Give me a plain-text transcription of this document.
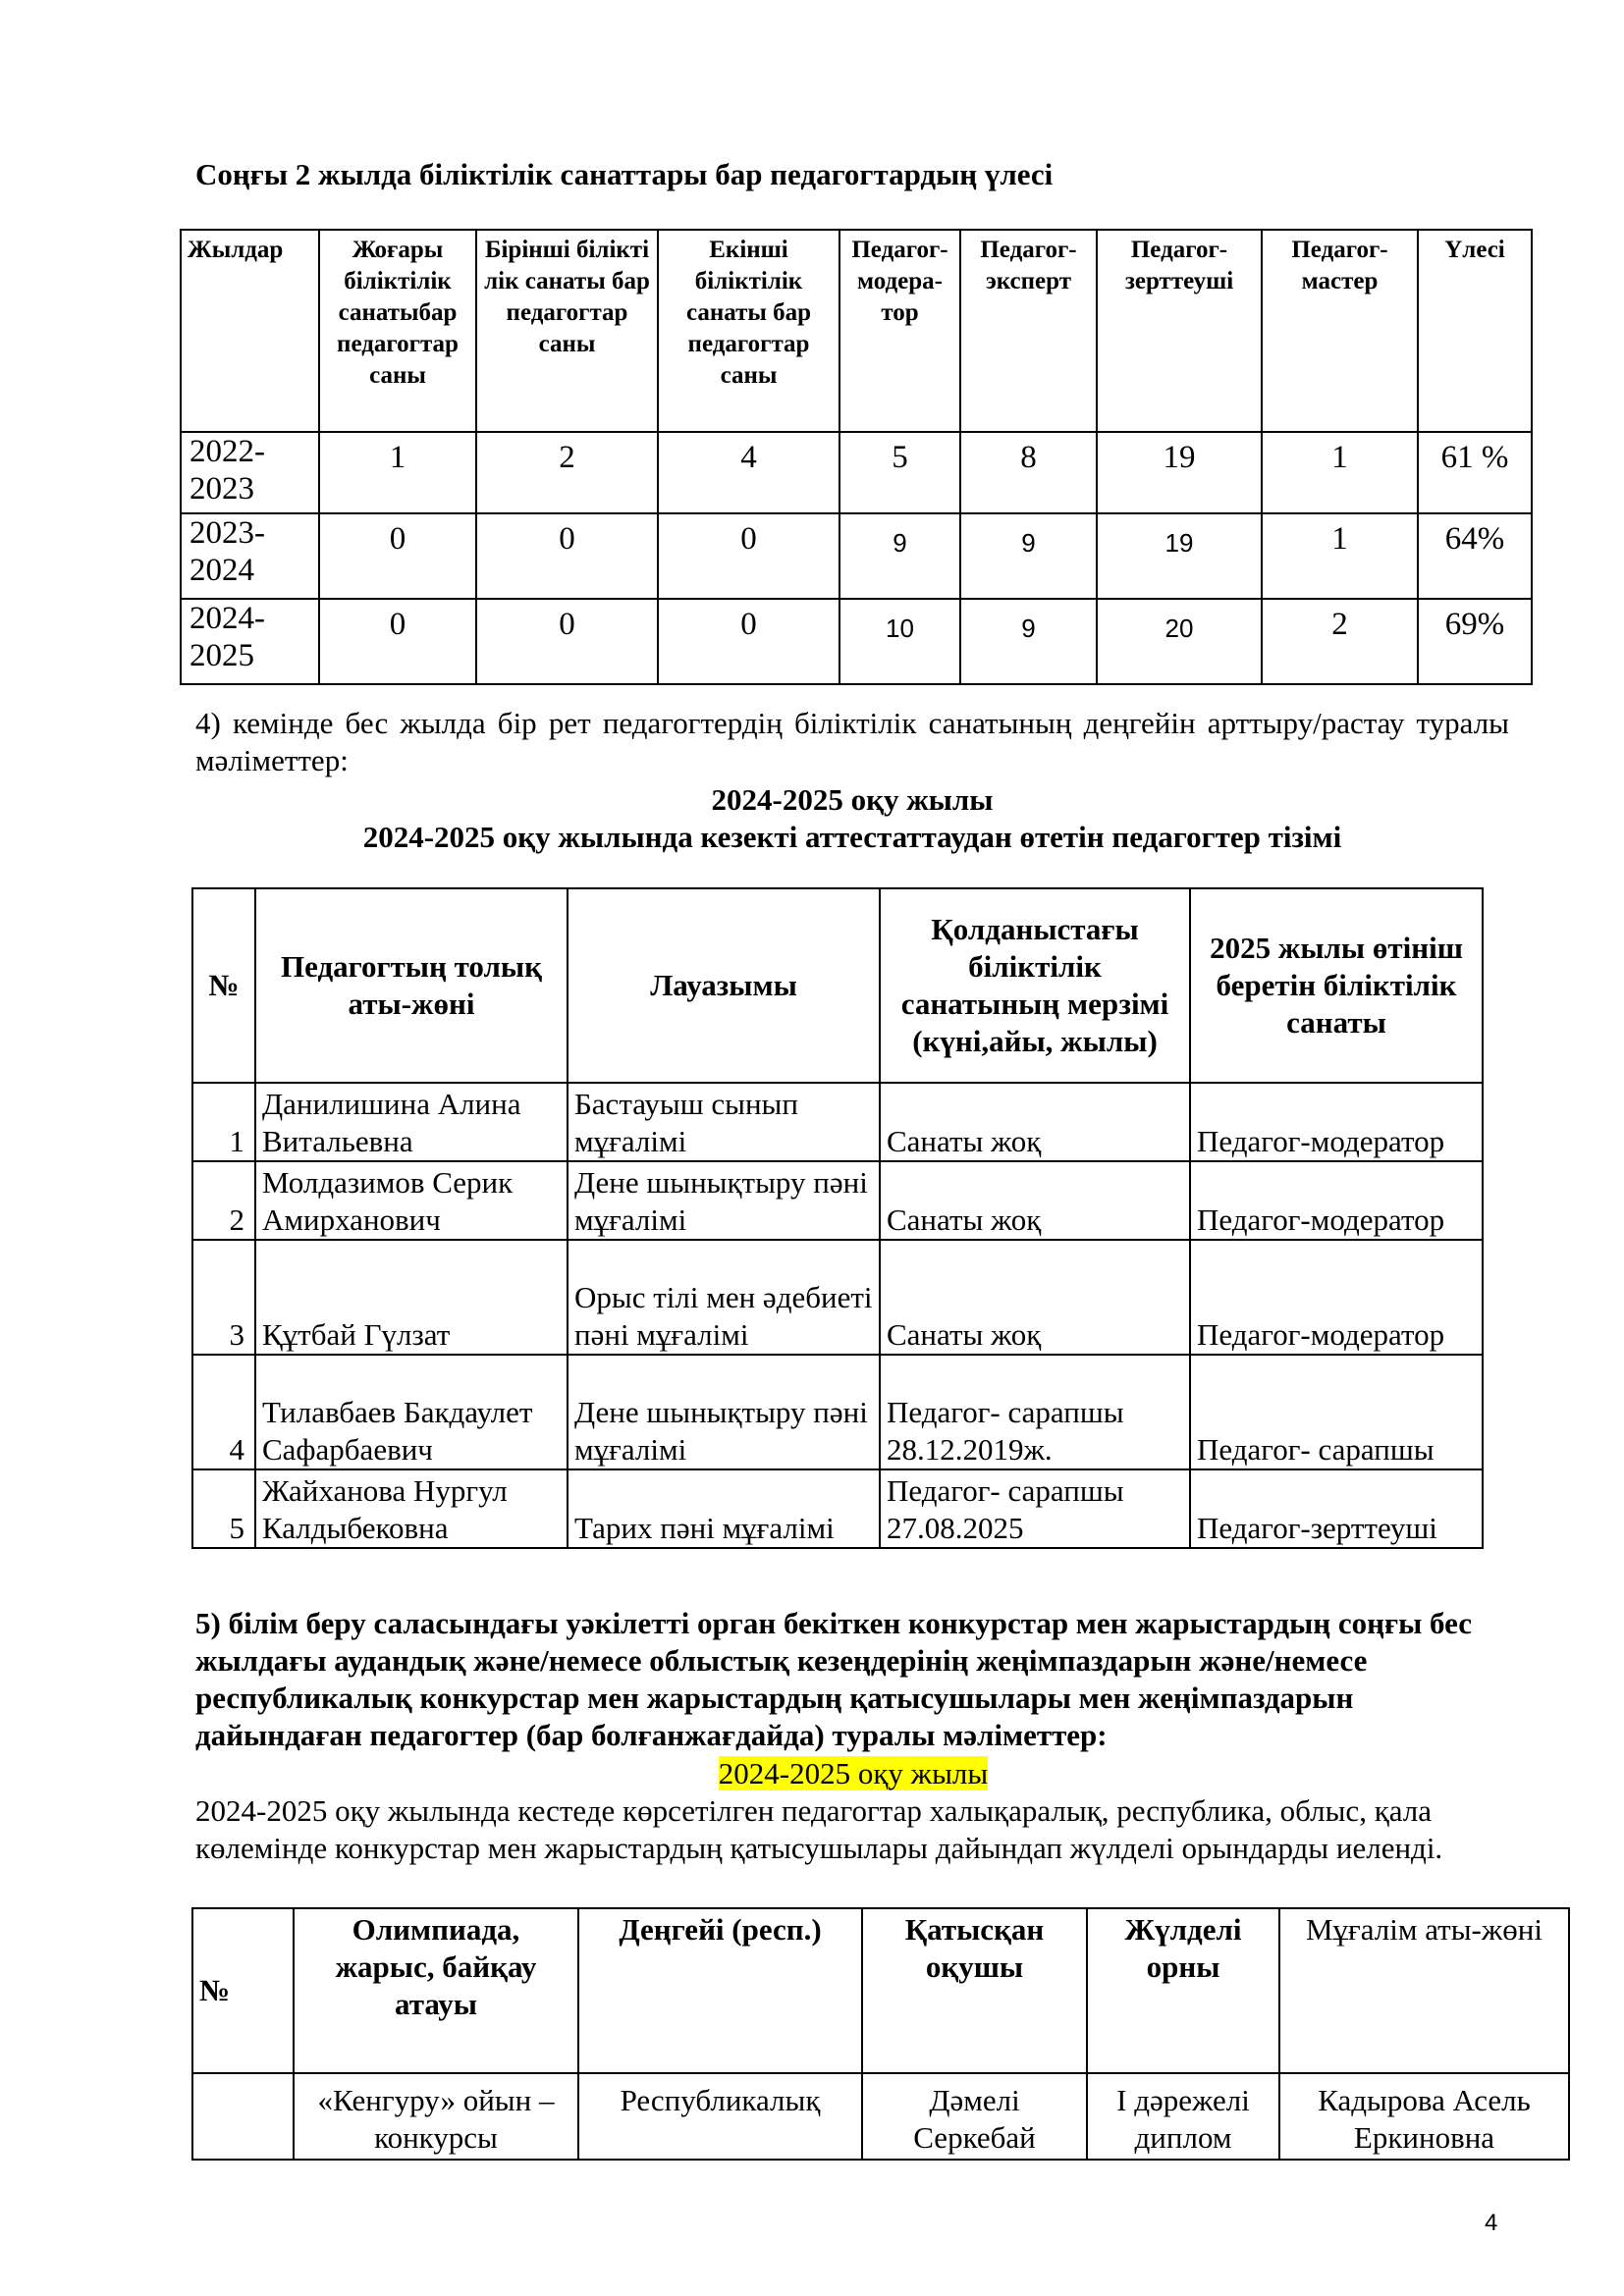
Соңғы 2 жылда біліктілік санаттары бар педагогтардың үлесі
Жылдар	Жоғары біліктілік санатыбар педагогтар саны	Бірінші білікті лік санаты бар педагогтар саны	Екінші біліктілік санаты бар педагогтар саны	Педагог-модера-тор	Педагог-эксперт	Педагог-зерттеуші	Педагог-мастер	Үлесі
2022-2023	1	2	4	5	8	19	1	61 %
2023-2024	0	0	0	9	9	19	1	64%
2024-2025	0	0	0	10	9	20	2	69%
4) кемінде бес жылда бір рет педагогтердің біліктілік санатының деңгейін арттыру/растау туралы мәліметтер:
2024-2025 оқу жылы
2024-2025 оқу жылында кезекті аттестаттаудан өтетін педагогтер тізімі
№	Педагогтың толық аты-жөні	Лауазымы	Қолданыстағы біліктілік санатының мерзімі (күні,айы, жылы)	2025 жылы өтініш беретін біліктілік санаты
1	Данилишина Алина Витальевна	Бастауыш сынып мұғалімі	Санаты жоқ	Педагог-модератор
2	Молдазимов Серик Амирханович	Дене шынықтыру пәні мұғалімі	Санаты жоқ	Педагог-модератор
3	Құтбай Гүлзат	Орыс тілі мен әдебиеті пәні мұғалімі	Санаты жоқ	Педагог-модератор
4	Тилавбаев Бакдаулет Сафарбаевич	Дене шынықтыру пәні мұғалімі	Педагог- сарапшы 28.12.2019ж.	Педагог- сарапшы
5	Жайханова Нургул Калдыбековна	Тарих пәні мұғалімі	Педагог- сарапшы 27.08.2025	Педагог-зерттеуші
5) білім беру саласындағы уәкілетті орган бекіткен конкурстар мен жарыстардың соңғы бес жылдағы аудандық және/немесе облыстық кезеңдерінің жеңімпаздарын және/немесе республикалық конкурстар мен жарыстардың қатысушылары мен жеңімпаздарын дайындаған педагогтер (бар болғанжағдайда) туралы мәліметтер:
2024-2025 оқу жылы
2024-2025 оқу жылында кестеде көрсетілген педагогтар халықаралық, республика, облыс, қала көлемінде конкурстар мен жарыстардың қатысушылары дайындап жүлделі орындарды иеленді.
№	Олимпиада, жарыс, байқау атауы	Деңгейі (респ.)	Қатысқан оқушы	Жүлделі орны	Мұғалім аты-жөні
	«Кенгуру» ойын –конкурсы	Республикалық	Дәмелі Серкебай	І дәрежелі диплом	Кадырова Асель Еркиновна
4
